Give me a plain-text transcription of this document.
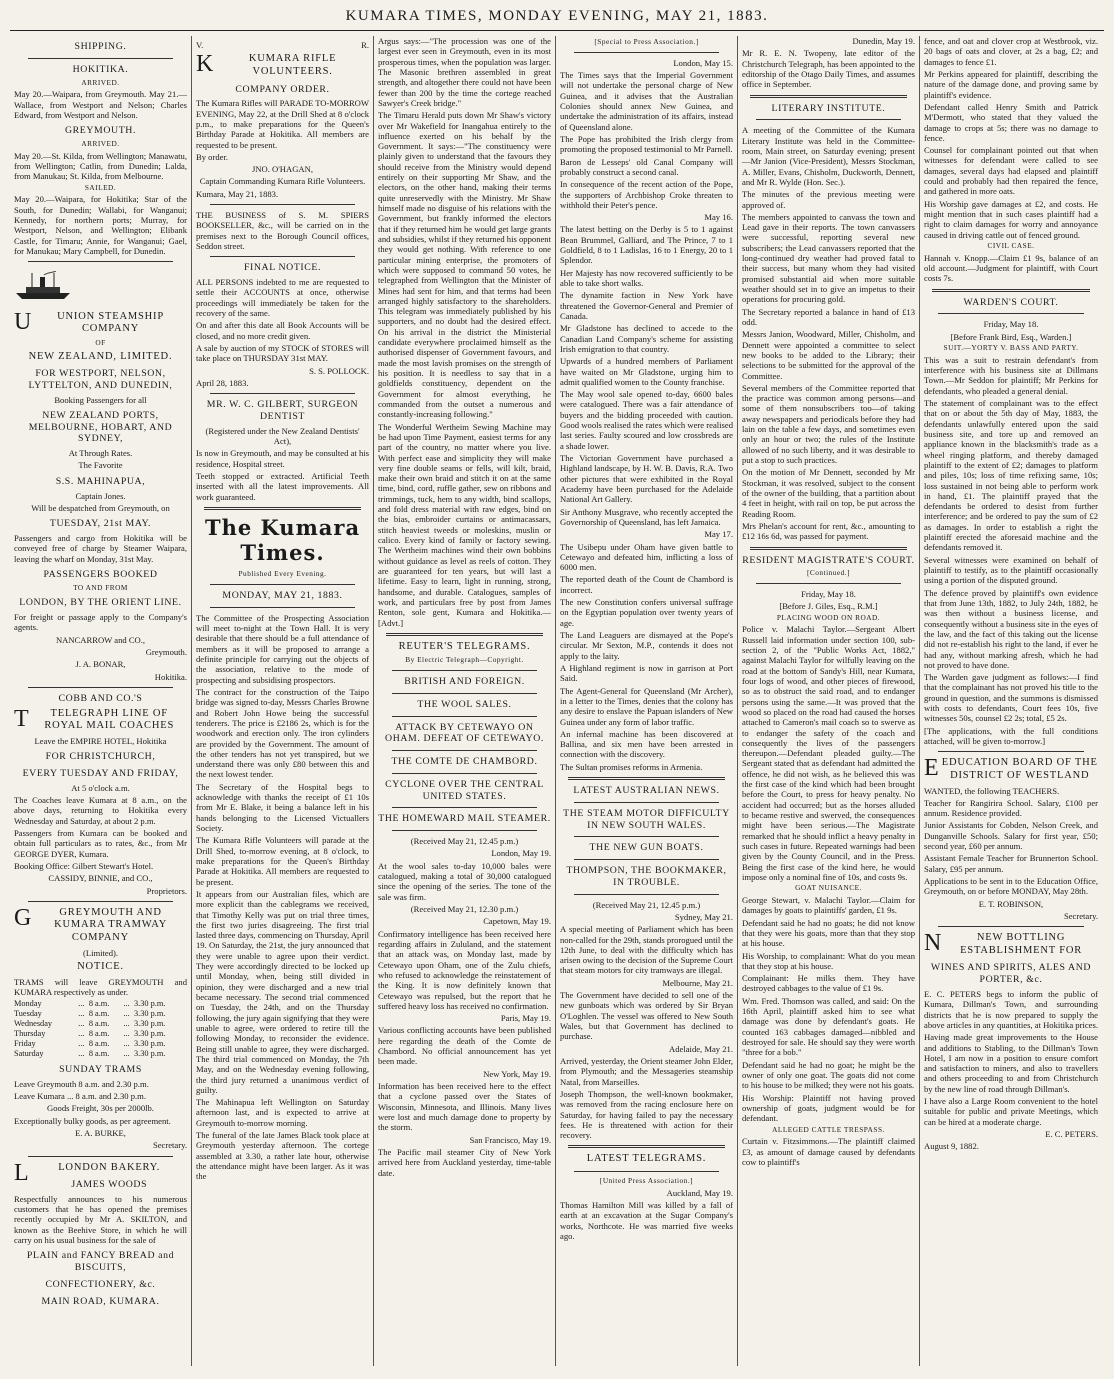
KUMARA TIMES, MONDAY EVENING, MAY 21, 1883.
SHIPPING.
HOKITIKA.
ARRIVED.

May 20.—Waipara, from Greymouth. May 21.—Wallace, from Westport and Nelson; Charles Edward, from Westport and Nelson.

GREYMOUTH.
ARRIVED.

May 20.—St. Kilda, from Wellington; Manawatu, from Wellington; Catlin, from Dunedin; Lalda, from Manukau; St. Kilda, from Melbourne.

SAILED.

May 20.—Waipara, for Hokitika; Star of the South, for Dunedin; Wallabi, for Wanganui; Kennedy, for northern ports; Murray, for Westport, Nelson, and Wellington; Elibank Castle, for Timaru; Annie, for Wanganui; Gael, for Manukau; Mary Campbell, for Dunedin.

U UNION STEAMSHIP COMPANY
OF
NEW ZEALAND, LIMITED.
FOR WESTPORT, NELSON, LYTTELTON, AND DUNEDIN,

Booking Passengers for all

NEW ZEALAND PORTS, MELBOURNE, HOBART, AND SYDNEY,

At Through Rates.

The Favorite

S.S. MAHINAPUA,

Captain Jones.

Will be despatched from Greymouth, on

TUESDAY, 21st MAY.

Passengers and cargo from Hokitika will be conveyed free of charge by Steamer Waipara, leaving the wharf on Monday, 31st May.

PASSENGERS BOOKED
TO AND FROM
LONDON, BY THE ORIENT LINE.

For freight or passage apply to the Company's agents.

NANCARROW and CO.,

Greymouth.

J. A. BONAR,

Hokitika.

COBB AND CO.'S
T TELEGRAPH LINE OF ROYAL MAIL COACHES

Leave the EMPIRE HOTEL, Hokitika

FOR CHRISTCHURCH,
EVERY TUESDAY AND FRIDAY,

At 5 o'clock a.m.

The Coaches leave Kumara at 8 a.m., on the above days, returning to Hokitika every Wednesday and Saturday, at about 2 p.m.

Passengers from Kumara can be booked and obtain full particulars as to rates, &c., from Mr GEORGE DYER, Kumara.

Booking Office: Gilbert Stewart's Hotel.

CASSIDY, BINNIE, and CO.,

Proprietors.

G	GREYMOUTH AND KUMARA TRAMWAY COMPANY

(Limited).

NOTICE.

TRAMS will leave GREYMOUTH and KUMARA respectively as under.

Monday	...	8 a.m.	...	3.30 p.m.
Tuesday	...	8 a.m.	...	3.30 p.m.
Wednesday	...	8 a.m.	...	3.30 p.m.
Thursday	...	8 a.m.	...	3.30 p.m.
Friday	...	8 a.m.	...	3.30 p.m.
Saturday	...	8 a.m.	...	3.30 p.m.
SUNDAY TRAMS

Leave Greymouth 8 a.m. and 2.30 p.m.

Leave Kumara ... 8 a.m. and 2.30 p.m.

Goods Freight, 30s per 2000lb.

Exceptionally bulky goods, as per agreement.

E. A. BURKE,

Secretary.

L	LONDON BAKERY.
JAMES WOODS

Respectfully announces to his numerous customers that he has opened the premises recently occupied by Mr A. SKILTON, and known as the Beehive Store, in which he will carry on his usual business for the sale of

PLAIN and FANCY BREAD and BISCUITS,
CONFECTIONERY, &c.
MAIN ROAD, KUMARA.
V.	R.
K	KUMARA RIFLE VOLUNTEERS.
COMPANY ORDER.

The Kumara Rifles will PARADE TO-MORROW EVENING, May 22, at the Drill Shed at 8 o'clock p.m., to make preparations for the Queen's Birthday Parade at Hokitika. All members are requested to be present.

By order.

JNO. O'HAGAN,

Captain Commanding Kumara Rifle Volunteers.

Kumara, May 21, 1883.

THE BUSINESS of S. M. SPIERS BOOKSELLER, &c., will be carried on in the premises next to the Borough Council offices, Seddon street.

FINAL NOTICE.

ALL PERSONS indebted to me are requested to settle their ACCOUNTS at once, otherwise proceedings will immediately be taken for the recovery of the same.

On and after this date all Book Accounts will be closed, and no more credit given.

A sale by auction of my STOCK of STORES will take place on THURSDAY 31st MAY.

S. S. POLLOCK.

April 28, 1883.

MR. W. C. GILBERT, SURGEON DENTIST

(Registered under the New Zealand Dentists' Act),

Is now in Greymouth, and may be consulted at his residence, Hospital street.

Teeth stopped or extracted. Artificial Teeth inserted with all the latest improvements. All work guaranteed.

The Kumara Times.
Published Every Evening.
MONDAY, MAY 21, 1883.

The Committee of the Prospecting Association will meet to-night at the Town Hall. It is very desirable that there should be a full attendance of members as it will be proposed to arrange a definite principle for carrying out the objects of the association, relative to the mode of prospecting and subsidising prospectors.

The contract for the construction of the Taipo bridge was signed to-day, Messrs Charles Browne and Robert John Howe being the successful tenderers. The price is £2186 2s, which is for the woodwork and erection only. The iron cylinders are provided by the Government. The amount of the other tenders has not yet transpired, but we understand there was only £80 between this and the next lowest tender.

The Secretary of the Hospital begs to acknowledge with thanks the receipt of £1 10s from Mr E. Blake, it being a balance left in his hands belonging to the Licensed Victuallers Society.

The Kumara Rifle Volunteers will parade at the Drill Shed, to-morrow evening, at 8 o'clock, to make preparations for the Queen's Birthday Parade at Hokitika. All members are requested to be present.

It appears from our Australian files, which are more explicit than the cablegrams we received, that Timothy Kelly was put on trial three times, the first two juries disagreeing. The first trial lasted three days, commencing on Thursday, April 19. On Saturday, the 21st, the jury announced that they were unable to agree upon their verdict. They were accordingly directed to be locked up until Monday, when, being still divided in opinion, they were discharged and a new trial became necessary. The second trial commenced on Tuesday, the 24th, and on the Thursday following, the jury again signifying that they were unable to agree, were ordered to retire till the following Monday, to reconsider the evidence. Being still unable to agree, they were discharged. The third trial commenced on Monday, the 7th May, and on the Wednesday evening following, the third jury returned a unanimous verdict of guilty.

The Mahinapua left Wellington on Saturday afternoon last, and is expected to arrive at Greymouth to-morrow morning.

The funeral of the late James Black took place at Greymouth yesterday afternoon. The cortege assembled at 3.30, a rather late hour, otherwise the attendance might have been larger. As it was the

Argus says:—"The procession was one of the largest ever seen in Greymouth, even in its most prosperous times, when the population was larger. The Masonic brethren assembled in great strength, and altogether there could not have been fewer than 200 by the time the cortege reached Sawyer's Creek bridge."

The Timaru Herald puts down Mr Shaw's victory over Mr Wakefield for Inangahua entirely to the influence exerted on his behalf by the Government. It says:—"The constituency were plainly given to understand that the favours they should receive from the Ministry would depend entirely on their supporting Mr Shaw, and the electors, on the other hand, making their terms quite unreservedly with the Ministry. Mr Shaw himself made no disguise of his relations with the Government, but frankly informed the electors that if they returned him he would get large grants and subsidies, whilst if they returned his opponent they would get nothing. With reference to one particular mining enterprise, the promoters of which were supposed to command 50 votes, he telegraphed from Wellington that the Minister of Mines had sent for him, and that terms had been arranged highly satisfactory to the shareholders. This telegram was immediately published by his supporters, and no doubt had the desired effect. On his arrival in the district the Ministerial candidate everywhere proclaimed himself as the authorised dispenser of Government favours, and made the most lavish promises on the strength of his position. It is needless to say that in a goldfields constituency, dependent on the Government for almost everything, he commanded from the outset a numerous and constantly-increasing following."

The Wonderful Wertheim Sewing Machine may be had upon Time Payment, easiest terms for any part of the country, no matter where you live. With perfect ease and simplicity they will make very fine double seams or fells, will kilt, braid, make their own braid and stitch it on at the same time, bind, cord, ruffle gather, sew on ribbons and trimmings, tuck, hem to any width, bind scallops, and fold dress material with raw edges, bind on the bias, embroider curtains or antimacassars, stitch heaviest tweeds or moleskins, muslin or calico. Every kind of family or factory sewing. The Wertheim machines wind their own bobbins without guidance as level as reels of cotton. They are guaranteed for ten years, but will last a lifetime. Easy to learn, light in running, strong, handsome, and durable. Catalogues, samples of work, and particulars free by post from James Renton, sole gent, Kumara and Hokitika.—[Advt.]

REUTER'S TELEGRAMS.
By Electric Telegraph—Copyright.
BRITISH AND FOREIGN.
THE WOOL SALES.
ATTACK BY CETEWAYO ON OHAM. DEFEAT OF CETEWAYO.
THE COMTE DE CHAMBORD.
CYCLONE OVER THE CENTRAL UNITED STATES.
THE HOMEWARD MAIL STEAMER.

(Received May 21, 12.45 p.m.)

London, May 19.

At the wool sales to-day 10,000 bales were catalogued, making a total of 30,000 catalogued since the opening of the series. The tone of the sale was firm.

(Received May 21, 12.30 p.m.)

Capetown, May 19.

Confirmatory intelligence has been received here regarding affairs in Zululand, and the statement that an attack was, on Monday last, made by Cetewayo upon Oham, one of the Zulu chiefs, who refused to acknowledge the reinstatement of the King. It is now definitely known that Cetewayo was repulsed, but the report that he suffered heavy loss has received no confirmation.

Paris, May 19.

Various conflicting accounts have been published here regarding the death of the Comte de Chambord. No official announcement has yet been made.

New York, May 19.

Information has been received here to the effect that a cyclone passed over the States of Wisconsin, Minnesota, and Illinois. Many lives were lost and much damage done to property by the storm.

San Francisco, May 19.

The Pacific mail steamer City of New York arrived here from Auckland yesterday, time-table date.

[Special to Press Association.]

London, May 15.

The Times says that the Imperial Government will not undertake the personal charge of New Guinea, and it advises that the Australian Colonies should annex New Guinea, and undertake the administration of its affairs, instead of Queensland alone.

The Pope has prohibited the Irish clergy from promoting the proposed testimonial to Mr Parnell.

Baron de Lesseps' old Canal Company will probably construct a second canal.

In consequence of the recent action of the Pope, the supporters of Archbishop Croke threaten to withhold their Peter's pence.

May 16.

The latest betting on the Derby is 5 to 1 against Bean Brummel, Galliard, and The Prince, 7 to 1 Goldfield, 8 to 1 Ladislas, 16 to 1 Energy, 20 to 1 Splendor.

Her Majesty has now recovered sufficiently to be able to take short walks.

The dynamite faction in New York have threatened the Governor-General and Premier of Canada.

Mr Gladstone has declined to accede to the Canadian Land Company's scheme for assisting Irish emigration to that country.

Upwards of a hundred members of Parliament have waited on Mr Gladstone, urging him to admit qualified women to the County franchise.

The May wool sale opened to-day, 6600 bales were catalogued. There was a fair attendance of buyers and the bidding proceeded with caution. Good wools realised the rates which were realised last series. Faulty scoured and low crossbreds are a shade lower.

The Victorian Government have purchased a Highland landscape, by H. W. B. Davis, R.A. Two other pictures that were exhibited in the Royal Academy have been purchased for the Adelaide National Art Gallery.

Sir Anthony Musgrave, who recently accepted the Governorship of Queensland, has left Jamaica.

May 17.

The Usibepu under Oham have given battle to Cetewayo and defeated him, inflicting a loss of 6000 men.

The reported death of the Count de Chambord is incorrect.

The new Constitution confers universal suffrage on the Egyptian population over twenty years of age.

The Land Leaguers are dismayed at the Pope's circular. Mr Sexton, M.P., contends it does not apply to the laity.

A Highland regiment is now in garrison at Port Said.

The Agent-General for Queensland (Mr Archer), in a letter to the Times, denies that the colony has any desire to enslave the Papuan islanders of New Guinea under any form of labor traffic.

An infernal machine has been discovered at Ballina, and six men have been arrested in connection with the discovery.

The Sultan promises reforms in Armenia.

LATEST AUSTRALIAN NEWS.
THE STEAM MOTOR DIFFICULTY IN NEW SOUTH WALES.
THE NEW GUN BOATS.
THOMPSON, THE BOOKMAKER, IN TROUBLE.

(Received May 21, 12.45 p.m.)

Sydney, May 21.

A special meeting of Parliament which has been non-called for the 29th, stands prorogued until the 12th June, to deal with the difficulty which has arisen owing to the decision of the Supreme Court that steam motors for city tramways are illegal.

Melbourne, May 21.

The Government have decided to sell one of the new gunboats which was ordered by Sir Bryan O'Loghlen. The vessel was offered to New South Wales, but that Government has declined to purchase.

Adelaide, May 21.

Arrived, yesterday, the Orient steamer John Elder, from Plymouth; and the Messageries steamship Natal, from Marseilles.

Joseph Thompson, the well-known bookmaker, was removed from the racing enclosure here on Saturday, for having failed to pay the necessary fees. He is threatened with action for their recovery.

LATEST TELEGRAMS.
[United Press Association.]

Auckland, May 19.

Thomas Hamilton Mill was killed by a fall of earth at an excavation at the Sugar Company's works, Northcote. He was married five weeks ago.

Dunedin, May 19.

Mr R. E. N. Twopeny, late editor of the Christchurch Telegraph, has been appointed to the editorship of the Otago Daily Times, and assumes office in September.

LITERARY INSTITUTE.

A meeting of the Committee of the Kumara Literary Institute was held in the Committee-room, Main street, on Saturday evening; present—Mr Janion (Vice-President), Messrs Stockman, A. Miller, Evans, Chisholm, Duckworth, Dennett, and Mr R. Wylde (Hon. Sec.).

The minutes of the previous meeting were approved of.

The members appointed to canvass the town and Lead gave in their reports. The town canvassers were successful, reporting several new subscribers; the Lead canvassers reported that the long-continued dry weather had proved fatal to their success, but many whom they had visited promised substantial aid when more suitable weather should set in to give an impetus to their operations for procuring gold.

The Secretary reported a balance in hand of £13 odd.

Messrs Janion, Woodward, Miller, Chisholm, and Dennett were appointed a committee to select new books to be added to the Library; their selections to be submitted for the approval of the Committee.

Several members of the Committee reported that the practice was common among persons—and some of them nonsubscribers too—of taking away newspapers and periodicals before they had lain on the table a few days, and sometimes even only an hour or two; the rules of the Institute allowed of no such liberty, and it was desirable to put a stop to such practices.

On the motion of Mr Dennett, seconded by Mr Stockman, it was resolved, subject to the consent of the owner of the building, that a partition about 4 feet in height, with rail on top, be put across the Reading Room.

Mrs Phelan's account for rent, &c., amounting to £12 16s 6d, was passed for payment.

RESIDENT MAGISTRATE'S COURT.
[Continued.]

Friday, May 18.

[Before J. Giles, Esq., R.M.]

PLACING WOOD ON ROAD.

Police v. Malachi Taylor.—Sergeant Albert Russell laid information under section 100, sub-section 2, of the "Public Works Act, 1882," against Malachi Taylor for wilfully leaving on the road at the bottom of Sandy's Hill, near Kumara, four logs of wood, and other pieces of firewood, so as to obstruct the said road, and to endanger persons using the same.—It was proved that the wood so placed on the road had caused the horses attached to Cameron's mail coach so to swerve as to endanger the safety of the coach and consequently the lives of the passengers thereupon.—Defendant pleaded guilty.—The Sergeant stated that as defendant had admitted the offence, he did not wish, as he believed this was the first case of the kind which had been brought before the Court, to press for heavy penalty. No accident had occurred; but as the horses alluded to became restive and swerved, the consequences might have been serious.—The Magistrate remarked that he should inflict a heavy penalty in such cases in future. Repeated warnings had been given by the County Council, and in the Press. Being the first case of the kind here, he would impose only a nominal fine of 10s, and costs 9s.

GOAT NUISANCE.

George Stewart, v. Malachi Taylor.—Claim for damages by goats to plaintiffs' garden, £1 9s.

Defendant said he had no goats; he did not know that they were his goats, more than that they stop at his house.

His Worship, to complainant: What do you mean that they stop at his house.

Complainant: He milks them. They have destroyed cabbages to the value of £1 9s.

Wm. Fred. Thomson was called, and said: On the 16th April, plaintiff asked him to see what damage was done by defendant's goats. He counted 163 cabbages damaged—nibbled and destroyed for sale. He should say they were worth "three for a bob."

Defendant said he had no goat; he might be the owner of only one goat. The goats did not come to his house to be milked; they were not his goats.

His Worship: Plaintiff not having proved ownership of goats, judgment would be for defendant.

ALLEGED CATTLE TRESPASS.

Curtain v. Fitzsimmons.—The plaintiff claimed £3, as amount of damage caused by defendants cow to plaintiff's

fence, and oat and clover crop at Westbrook, viz. 20 bags of oats and clover, at 2s a bag, £2; and damages to fence £1.

Mr Perkins appeared for plaintiff, describing the nature of the damage done, and proving same by plaintiff's evidence.

Defendant called Henry Smith and Patrick M'Dermott, who stated that they valued the damage to crops at 5s; there was no damage to fence.

Counsel for complainant pointed out that when witnesses for defendant were called to see damages, several days had elapsed and plaintiff could and probably had then repaired the fence, and gathered in more oats.

His Worship gave damages at £2, and costs. He might mention that in such cases plaintiff had a right to claim damages for worry and annoyance caused in driving cattle out of fenced ground.

CIVIL CASE.

Hannah v. Knopp.—Claim £1 9s, balance of an old account.—Judgment for plaintiff, with Court costs 7s.

WARDEN'S COURT.

Friday, May 18.

[Before Frank Bird, Esq., Warden.]

SUIT.—YORTY V. BASS AND PARTY.

This was a suit to restrain defendant's from interference with his business site at Dillmans Town.—Mr Seddon for plaintiff; Mr Perkins for defendants, who pleaded a general denial.

The statement of complainant was to the effect that on or about the 5th day of May, 1883, the defendants unlawfully entered upon the said business site, and tore up and removed an appliance known in the blacksmith's trade as a wheel ringing platform, and thereby damaged plaintiff to the extent of £2; damages to platform and piles, 10s; loss of time refixing same, 10s; loss sustained in not being able to perform work in hand, £1. The plaintiff prayed that the defendants be ordered to desist from further interference; and be ordered to pay the sum of £2 as damages. In order to establish a right the plaintiff erected the aforesaid machine and the defendants removed it.

Several witnesses were examined on behalf of plaintiff to testify, as to the plaintiff occasionally using a portion of the disputed ground.

The defence proved by plaintiff's own evidence that from June 13th, 1882, to July 24th, 1882, he was then without a business license, and consequently without a business site in the eyes of the law, and the fact of this taking out the license did not re-establish his right to the land, if ever he had any, without marking afresh, which he had not proved to have done.

The Warden gave judgment as follows:—I find that the complainant has not proved his title to the ground in question, and the summons is dismissed with costs to defendants, Court fees 10s, five witnesses 50s, counsel £2 2s; total, £5 2s.

[The applications, with the full conditions attached, will be given to-morrow.]

EEDUCATION BOARD OF THE DISTRICT OF WESTLAND

WANTED, the following TEACHERS.

Teacher for Rangirira School. Salary, £100 per annum. Residence provided.

Junior Assistants for Cobden, Nelson Creek, and Dunganville Schools. Salary for first year, £50; second year, £60 per annum.

Assistant Female Teacher for Brunnerton School. Salary, £95 per annum.

Applications to be sent in to the Education Office, Greymouth, on or before MONDAY, May 28th.

E. T. ROBINSON,

Secretary.

N	NEW BOTTLING ESTABLISHMENT FOR
WINES AND SPIRITS, ALES AND PORTER, &c.

E. C. PETERS begs to inform the public of Kumara, Dillman's Town, and surrounding districts that he is now prepared to supply the above articles in any quantities, at Hokitika prices.

Having made great improvements to the House and additions to Stabling, to the Dillman's Town Hotel, I am now in a position to ensure comfort and satisfaction to miners, and also to travellers and others proceeding to and from Christchurch by the new line of road through Dillman's.

I have also a Large Room convenient to the hotel suitable for public and private Meetings, which can be hired at a moderate charge.

E. C. PETERS.

August 9, 1882.
